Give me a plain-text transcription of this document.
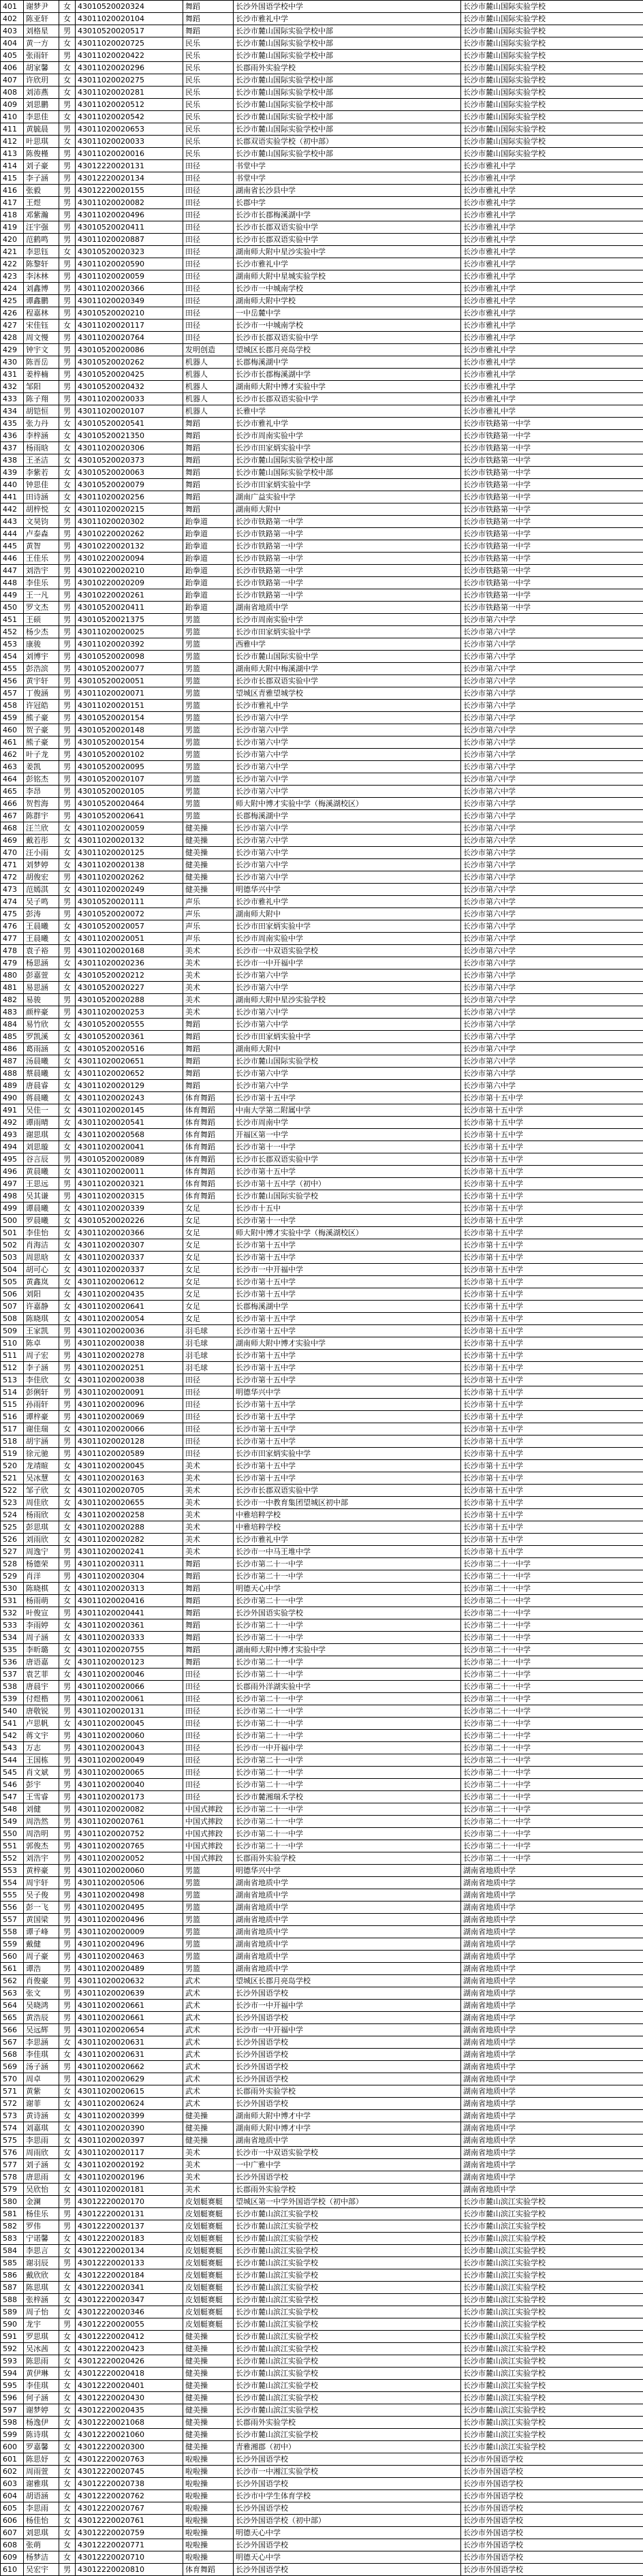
401	谢梦尹	女	43010520020324	舞蹈	长沙外国语学校中学	长沙市麓山国际实验学校
402	陈亚轩	女	43011020020104	舞蹈	长沙市雅礼中学	长沙市麓山国际实验学校
403	刘格星	男	43010520020517	舞蹈	长沙市麓山国际实验学校中部	长沙市麓山国际实验学校
404	黄一方	女	43011020020725	民乐	长沙市麓山国际实验学校中部	长沙市麓山国际实验学校
405	张雨轩	男	43011020020422	民乐	长沙市麓山国际实验学校中部	长沙市麓山国际实验学校
406	胡家馨	女	43011020020296	民乐	长郡雨外实验学校	长沙市麓山国际实验学校
407	许欣玥	女	43011020020275	民乐	长沙市麓山国际实验学校中部	长沙市麓山国际实验学校
408	刘沛燕	女	43011020020281	民乐	长沙市麓山国际实验学校中部	长沙市麓山国际实验学校
409	刘思鹏	男	43011020020512	民乐	长沙市麓山国际实验学校中部	长沙市麓山国际实验学校
410	李思佳	女	43011020020542	民乐	长沙市麓山国际实验学校中部	长沙市麓山国际实验学校
411	黄毓晨	男	43011020020653	民乐	长沙市麓山国际实验学校中部	长沙市麓山国际实验学校
412	叶思琪	女	43011020020033	民乐	长郡双语实验学校（初中部）	长沙市麓山国际实验学校
413	陈俊槿	男	43011020020016	民乐	长沙市麓山国际实验学校中部	长沙市麓山国际实验学校
414	刘子豪	男	43012220020131	田径	书堂中学	长沙市雅礼中学
415	李子涵	男	43012220020134	田径	书堂中学	长沙市雅礼中学
416	张毅	男	43012220020155	田径	湖南省长沙县中学	长沙市雅礼中学
417	王煜	男	43011020020082	田径	长郡中学	长沙市雅礼中学
418	邓紫瀚	男	43011020020496	田径	长沙市长郡梅溪湖中学	长沙市雅礼中学
419	汪宇强	男	43010520020411	田径	长沙市长郡双语实验中学	长沙市雅礼中学
420	范鹤鸣	男	43011020020887	田径	长沙市长郡双语实验中学	长沙市雅礼中学
421	李思钰	女	43010520020323	田径	湖南师大附中星沙实验中学	长沙市雅礼中学
422	陈黎轩	男	43011020020590	田径	长沙市雅礼中学	长沙市雅礼中学
423	李沐林	男	43011020020059	田径	湖南师大附中星城实验学校	长沙市雅礼中学
424	刘鑫博	男	43011020020366	田径	长沙市一中城南学校	长沙市雅礼中学
425	谭鑫鹏	男	43011020020349	田径	湖南师大附中学校	长沙市雅礼中学
426	程嘉林	男	43010520020210	田径	一中岳麓中学	长沙市雅礼中学
427	宋佳钰	女	43011020020117	田径	长沙市一中城南学校	长沙市雅礼中学
428	周文慢	男	43011020020764	田径	长沙市长郡双语实验中学	长沙市雅礼中学
429	钟宇文	男	43010520020086	发明创造	望城区长郡月亮岛学校	长沙市雅礼中学
430	陈晋岳	男	43010520020262	机器人	长郡梅溪湖中学	长沙市雅礼中学
431	姜梓楠	男	43010520020425	机器人	长沙市长郡梅溪湖中学	长沙市雅礼中学
432	邹阳	男	43010520020432	机器人	湖南师大附中博才实验中学	长沙市雅礼中学
433	陈子翔	男	43011020020033	机器人	长沙市长郡双语实验中学	长沙市雅礼中学
434	胡铠恒	男	43011020020107	机器人	长雅中学	长沙市雅礼中学
435	张力丹	女	43010520020541	舞蹈	长沙市雅礼中学	长沙市铁路第一中学
436	李梓涵	女	43010520021350	舞蹈	长沙市周南实验中学	长沙市铁路第一中学
437	杨雨晗	女	43011020020306	舞蹈	长沙市田家炳实验中学	长沙市铁路第一中学
438	王圣洁	女	43010520020373	舞蹈	长沙市麓山国际实验学校中部	长沙市铁路第一中学
439	李紫若	女	43010520020063	舞蹈	长沙市麓山国际实验学校中部	长沙市铁路第一中学
440	钟思佳	女	43010520020079	舞蹈	长沙市田家炳实验中学	长沙市铁路第一中学
441	田诗涵	女	43011020020256	舞蹈	湖南广益实验中学	长沙市铁路第一中学
442	胡梓悦	女	43011020020215	舞蹈	湖南师大附中	长沙市铁路第一中学
443	文昊钧	男	43011020020302	跆拳道	长沙市铁路第一中学	长沙市铁路第一中学
444	卢泰森	男	43010220020262	跆拳道	长沙市铁路第一中学	长沙市铁路第一中学
445	黄智	男	43010220020132	跆拳道	长沙市铁路第一中学	长沙市铁路第一中学
446	王佳乐	男	43010220020094	跆拳道	长沙市铁路第一中学	长沙市铁路第一中学
447	刘浩宇	男	43010220020210	跆拳道	长沙市铁路第一中学	长沙市铁路第一中学
448	李佳乐	男	43010220020209	跆拳道	长沙市铁路第一中学	长沙市铁路第一中学
449	王一凡	男	43010220020261	跆拳道	长沙市铁路第一中学	长沙市铁路第一中学
450	罗文杰	男	43010520020411	跆拳道	湖南省地质中学	长沙市铁路第一中学
451	王硕	男	43010520021375	男篮	长沙市周南实验中学	长沙市第六中学
452	杨少杰	男	43011020020025	男篮	长沙市田家炳实验中学	长沙市第六中学
453	康骏	男	43011020020392	男篮	西雅中学	长沙市第六中学
454	刘博宇	男	43010520020098	男篮	长沙市麓山国际实验中学	长沙市第六中学
455	彭浩滨	男	43010520020077	男篮	湖南师大附中梅溪湖中学	长沙市第六中学
456	黄宇轩	男	43010520020051	男篮	长沙市长郡双语实验中学	长沙市第六中学
457	丁俊涵	男	43011020020071	男篮	望城区青雅望城学校	长沙市第六中学
458	许冠皓	男	43011020020151	男篮	长沙市雅礼中学	长沙市第六中学
459	熊子豪	男	43010520020154	男篮	长沙市第六中学	长沙市第六中学
460	贺子豪	男	43010520020148	男篮	长沙市第六中学	长沙市第六中学
461	熊子豪	男	43010520020154	男篮	长沙市第六中学	长沙市第六中学
462	叶子龙	男	43010520020102	男篮	长沙市第六中学	长沙市第六中学
463	姜凯	男	43010520020095	男篮	长沙市第六中学	长沙市第六中学
464	彭铭杰	男	43010520020107	男篮	长沙市第六中学	长沙市第六中学
465	李昂	男	43010520020105	男篮	长沙市第六中学	长沙市第六中学
466	贺哲海	男	43010520020464	男篮	师大附中博才实验中学（梅溪湖校区）	长沙市第六中学
467	陈群宇	男	43010520020641	男篮	长郡梅溪湖中学	长沙市第六中学
468	汪兰欣	女	43011020020059	健美操	长沙市第六中学	长沙市第六中学
469	戴若彤	女	43011020020132	健美操	长沙市第六中学	长沙市第六中学
470	汪小雨	女	43011020020125	健美操	长沙市第六中学	长沙市第六中学
471	刘梦婷	女	43011020020138	健美操	长沙市第六中学	长沙市第六中学
472	胡俊宏	男	43011020020262	健美操	长沙市第六中学	长沙市第六中学
473	范嫣淇	女	43011020020249	健美操	明德华兴中学	长沙市第六中学
474	吴子鸣	男	43010520020111	声乐	长沙市雅礼中学	长沙市第六中学
475	彭涛	男	43010520020072	声乐	湖南师大附中	长沙市第六中学
476	王晨曦	女	43010520020057	声乐	长沙市田家炳实验中学	长沙市第六中学
477	王晨曦	女	43011020020051	声乐	长沙市周南实验中学	长沙市第六中学
478	袁子裕	男	43011020020168	美术	长沙市一中双语实验学校	长沙市第六中学
479	杨思涵	女	43011020020236	美术	长沙市一中开福中学	长沙市第六中学
480	彭嘉萱	女	43010520020212	美术	长沙市第六中学	长沙市第六中学
481	易思涵	女	43010520020227	美术	长沙市第六中学	长沙市第六中学
482	易骏	男	43010520020288	美术	湖南师大附中星沙实验学校	长沙市第六中学
483	颜梓豪	男	43011020020253	美术	长沙市第六中学	长沙市第六中学
484	易竹欣	女	43010520020555	舞蹈	长沙市第六中学	长沙市第六中学
485	罗凯溪	女	43010520020361	舞蹈	长沙市田家炳实验中学	长沙市第六中学
486	葛雨涵	女	43010520020516	舞蹈	湖南师大附中	长沙市第六中学
487	汤晨曦	女	43011020020651	舞蹈	长沙市麓山国际实验学校	长沙市第六中学
488	蔡晨曦	女	43011020020652	舞蹈	长沙市第六中学	长沙市第六中学
489	唐晨睿	女	43011020020129	舞蹈	长沙市第六中学	长沙市第六中学
490	蒋晨曦	女	43011020020243	体育舞蹈	长沙市第十五中学	长沙市第十五中学
491	吴佳一	女	43011020020145	体育舞蹈	中南大学第二附属中学	长沙市第十五中学
492	谭雨晴	女	43011020020541	体育舞蹈	长沙市周南中学	长沙市第十五中学
493	谢思琪	女	43011020020568	体育舞蹈	开福区第一中学	长沙市第十五中学
494	刘思璇	女	43011020020041	体育舞蹈	长沙市第十一中学	长沙市第十五中学
495	谷言辰	男	43010520020089	体育舞蹈	长沙市长郡双语实验中学	长沙市第十五中学
496	黄晨曦	女	43011020020011	体育舞蹈	长沙市第十五中学	长沙市第十五中学
497	王思远	男	43011020020321	体育舞蹈	长沙市第十五中学（初中）	长沙市第十五中学
498	吴其谦	男	43011020020315	体育舞蹈	长沙市麓山国际实验学校	长沙市第十五中学
499	谭晨曦	女	43011020020339	女足	长沙市十五中	长沙市第十五中学
500	罗晨曦	女	43010520020226	女足	长沙市第十一中学	长沙市第十五中学
501	李佳怡	女	43011020020366	女足	师大附中博才实验中学（梅溪湖校区）	长沙市第十五中学
502	肖海洁	女	43011020020307	女足	长沙市第十五中学	长沙市第十五中学
503	周思晗	女	43011020020337	女足	长沙市第十五中学	长沙市第十五中学
504	胡可心	女	43011020020337	女足	长沙市一中开福中学	长沙市第十五中学
505	黄鑫岚	女	43011020020612	女足	长沙市第十五中学	长沙市第十五中学
506	刘阳	女	43011020020435	女足	长沙市第十五中学	长沙市第十五中学
507	许嘉静	女	43011020020641	女足	长郡梅溪湖中学	长沙市第十五中学
508	陈晓琪	女	43011020020054	女足	长沙市第十五中学	长沙市第十五中学
509	王家凯	男	43011020020036	羽毛球	长沙市第十五中学	长沙市第十五中学
510	陈卓	男	43011020020038	羽毛球	湖南师大附中博才实验中学	长沙市第十五中学
511	周子宏	男	43011020020278	羽毛球	长沙市第十五中学	长沙市第十五中学
512	李子涵	男	43011020020251	羽毛球	长沙市第十五中学	长沙市第十五中学
513	李佳欣	女	43011020020038	田径	长沙市第十五中学	长沙市第十五中学
514	彭俐轩	男	43011020020091	田径	明德华兴中学	长沙市第十五中学
515	孙雨轩	男	43011020020096	田径	长沙市第十五中学	长沙市第十五中学
516	谭梓豪	男	43011020020069	田径	长沙市第十五中学	长沙市第十五中学
517	谢佳瑞	女	43011020020066	田径	长沙市第十五中学	长沙市第十五中学
518	胡宇涵	男	43011020020128	田径	长沙市第十五中学	长沙市第十五中学
519	徐元驰	男	43011020020589	田径	长沙市田家炳实验中学	长沙市第十五中学
520	龙靖暄	女	43011020020045	美术	长沙市第十五中学	长沙市第十五中学
521	吴冰慧	女	43011020020163	美术	长沙市第十五中学	长沙市第十五中学
522	邹子欣	女	43011020020705	美术	长沙市长郡双语实验中学	长沙市第十五中学
523	周佳欣	女	43011020020655	美术	长沙市一中教育集团望城区初中部	长沙市第十五中学
524	杨雨欣	女	43011020020258	美术	中雅培粹学校	长沙市第十五中学
525	彭思琪	女	43011020020288	美术	中雅培粹学校	长沙市第十五中学
526	刘雨欣	女	43011020020282	美术	长沙市雅礼中学	长沙市第十五中学
527	周逸宁	男	43011020020241	美术	长沙市一中马王堆中学	长沙市第十五中学
528	杨德荣	男	43011020020311	舞蹈	长沙市第二十一中学	长沙市第二十一中学
529	肖洋	男	43011020020304	舞蹈	长沙市第二十一中学	长沙市第二十一中学
530	陈晓棋	女	43011020020313	舞蹈	明德天心中学	长沙市第二十一中学
531	杨雨萌	女	43011020020416	舞蹈	长沙市第二十一中学	长沙市第二十一中学
532	叶俊宣	男	43011020020441	舞蹈	长沙外国语实验学校	长沙市第二十一中学
533	李雨婷	女	43011020020361	舞蹈	长沙市第二十一中学	长沙市第二十一中学
534	周子涵	女	43011020020333	舞蹈	长沙市第二十一中学	长沙市第二十一中学
535	李昕璐	女	43011020020755	舞蹈	湖南师大附中博才实验中学	长沙市第二十一中学
536	唐语嘉	女	43011020020123	舞蹈	长沙市第二十一中学	长沙市第二十一中学
537	袁艺菲	女	43011020020046	田径	长沙市第二十一中学	长沙市第二十一中学
538	唐晨宇	男	43011020020066	田径	长郡雨外洋湖实验中学	长沙市第二十一中学
539	付煜楷	男	43011020020061	田径	长沙市第二十一中学	长沙市第二十一中学
540	唐敬锐	男	43011020020131	田径	长沙市第二十一中学	长沙市第二十一中学
541	卢思帆	女	43011020020045	田径	长沙市第二十一中学	长沙市第二十一中学
542	蒋文宇	男	43011020020060	田径	长沙市第二十一中学	长沙市第二十一中学
543	万志	男	43011020020043	田径	长沙市一中开福中学	长沙市第二十一中学
544	王国栋	男	43011020020049	田径	长沙市第二十一中学	长沙市第二十一中学
545	肖文斌	男	43011020020065	田径	长沙市第二十一中学	长沙市第二十一中学
546	彭宇	男	43011020020040	田径	长沙市第二十一中学	长沙市第二十一中学
547	王雪睿	男	43011020020173	田径	长沙市麓湘瑞禾学校	长沙市第二十一中学
548	刘健	男	43011020020082	中国式摔跤	长沙市第二十一中学	长沙市第二十一中学
549	周浩然	男	43011020020761	中国式摔跤	长沙市第二十一中学	长沙市第二十一中学
550	周浩明	男	43011020020752	中国式摔跤	长沙市第二十一中学	长沙市第二十一中学
551	郭俊杰	男	43011020020765	中国式摔跤	长沙市第二十一中学	长沙市第二十一中学
552	刘浩宇	男	43011020020052	中国式摔跤	长郡雨外实验学校	长沙市第二十一中学
553	黄梓豪	男	43011020020060	男篮	明德华兴中学	湖南省地质中学
554	周宇轩	男	43011020020506	男篮	湖南省地质中学	湖南省地质中学
555	吴子俊	男	43011020020498	男篮	湖南省地质中学	湖南省地质中学
556	彭一飞	男	43011020020495	男篮	湖南省地质中学	湖南省地质中学
557	黄国梁	男	43011020020496	男篮	湖南省地质中学	湖南省地质中学
558	谭子峰	男	43011020020009	男篮	湖南省地质中学	湖南省地质中学
559	戴健	男	43011020020496	男篮	湖南省地质中学	湖南省地质中学
560	周子豪	男	43011020020463	男篮	湖南省地质中学	湖南省地质中学
561	谭浩	男	43011020020489	男篮	湖南省地质中学	湖南省地质中学
562	肖俊豪	男	43011020020632	武术	望城区长郡月亮岛学校	湖南省地质中学
563	张文	男	43011020020639	武术	长沙外国语学校	湖南省地质中学
564	吴晓鸿	男	43011020020661	武术	长沙市一中开福中学	湖南省地质中学
565	黄浩辰	男	43011020020661	武术	长沙外国语学校	湖南省地质中学
566	吴远辉	男	43011020020654	武术	长沙市一中开福中学	湖南省地质中学
567	李思涵	女	43011020020631	武术	长沙外国语学校	湖南省地质中学
568	李佳琪	女	43011020020631	武术	长沙外国语学校	湖南省地质中学
569	汤子涵	男	43011020020662	武术	长沙外国语学校	湖南省地质中学
570	周卓	男	43011020020629	武术	长沙外国语学校	湖南省地质中学
571	黄紫	女	43011020020615	武术	长郡雨外实验学校	湖南省地质中学
572	谢菲	女	43011020020624	武术	长沙外国语学校	湖南省地质中学
573	黄诗涵	女	43011020020399	健美操	湖南师大附中博才中学	湖南省地质中学
574	刘嘉琪	女	43011020020390	健美操	湖南师大附中博才中学	湖南省地质中学
575	李思雨	女	43011020020397	健美操	湖南省地质中学	湖南省地质中学
576	周雨欣	女	43011020020117	美术	长沙市一中双语实验学校	湖南省地质中学
577	刘子涵	女	43011020020192	美术	一中广雅中学	湖南省地质中学
578	唐思雨	女	43011020020196	美术	长沙外国语学校	湖南省地质中学
579	吴欣怡	女	43011020020181	美术	长郡雨外实验学校	湖南省地质中学
580	金澜	男	43012220020170	皮划艇赛艇	望城区第一中学外国语学校（初中部）	长沙市麓山滨江实验学校
581	杨佳乐	男	43012220020131	皮划艇赛艇	长沙市麓山滨江实验学校	长沙市麓山滨江实验学校
582	罗伟	男	43012220020137	皮划艇赛艇	长沙市麓山滨江实验学校	长沙市麓山滨江实验学校
583	宁诺馨	女	43012220020183	皮划艇赛艇	长沙市麓山滨江实验学校	长沙市麓山滨江实验学校
584	李思言	女	43012220020134	皮划艇赛艇	长沙市麓山滨江实验学校	长沙市麓山滨江实验学校
585	谢羽辰	男	43012220020133	皮划艇赛艇	长沙市麓山滨江实验学校	长沙市麓山滨江实验学校
586	戴欣欣	女	43012220020184	皮划艇赛艇	长沙市麓山滨江实验学校	长沙市麓山滨江实验学校
587	陈思琪	女	43012220020341	皮划艇赛艇	长沙市麓山滨江实验学校	长沙市麓山滨江实验学校
588	张梓涵	女	43012220020347	皮划艇赛艇	长沙市麓山滨江实验学校	长沙市麓山滨江实验学校
589	周子怡	女	43012220020346	皮划艇赛艇	长沙市麓山滨江实验学校	长沙市麓山滨江实验学校
590	龙宇	男	43012220020055	皮划艇赛艇	长沙市麓山滨江实验学校	长沙市麓山滨江实验学校
591	罗思琪	女	43012220020412	健美操	长沙市麓山滨江实验学校	长沙市麓山滨江实验学校
592	吴冰茜	女	43012220020423	健美操	长沙市麓山滨江实验学校	长沙市麓山滨江实验学校
593	陈思雨	女	43012220020426	健美操	长沙市麓山滨江实验学校	长沙市麓山滨江实验学校
594	黄伊琳	女	43012220020418	健美操	长沙市麓山滨江实验学校	长沙市麓山滨江实验学校
595	李佳琪	女	43012220020401	健美操	长沙市麓山滨江实验学校	长沙市麓山滨江实验学校
596	何子涵	女	43012220020430	健美操	长沙市麓山滨江实验学校	长沙市麓山滨江实验学校
597	谢梦婷	女	43012220020435	健美操	长沙市麓山滨江实验学校	长沙市麓山滨江实验学校
598	杨逸伊	女	43012220021068	健美操	长郡雨外实验学校	长沙市麓山滨江实验学校
599	陈诗琪	女	43012220021060	健美操	长沙市麓山滨江实验学校	长沙市麓山滨江实验学校
600	罗嘉馨	女	43012220020300	健美操	青雅湘郡（初中）	长沙市麓山滨江实验学校
601	陈思妤	女	43012220020763	啦啦操	长沙外国语学校	长沙市外国语学校
602	周雨萱	女	43012220020745	啦啦操	长沙市一中湘江实验学校	长沙市外国语学校
603	谢雅琪	女	43012220020738	啦啦操	长沙外国语学校	长沙市外国语学校
604	胡语涵	女	43012220020762	啦啦操	长沙市中学生体育学校	长沙市外国语学校
605	李思雨	女	43012220020767	啦啦操	长沙外国语学校	长沙市外国语学校
606	杨佳怡	女	43012220020761	啦啦操	长沙外国语学校（初中部）	长沙市外国语学校
607	刘思琪	女	43012220020759	啦啦操	明德天心中学	长沙市外国语学校
608	张萌	女	43012220020771	啦啦操	长沙外国语学校	长沙市外国语学校
609	杨梦洁	女	43012220020710	啦啦操	明德天心中学	长沙市外国语学校
610	吴宏宇	男	43012220020810	体育舞蹈	长沙外国语学校	长沙市外国语学校
